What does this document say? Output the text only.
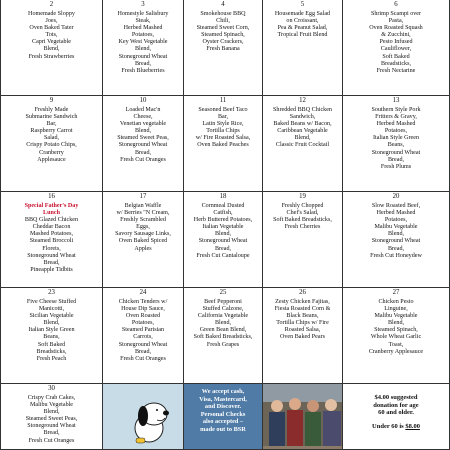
2
Homemade Sloppy
Joes,
Oven Baked Tater
Tots,
Capri Vegetable
Blend,
Fresh Strawberries
3
Homestyle Salisbury
Steak,
Herbed Mashed
Potatoes,
Key West Vegetable
Blend,
Stoneground Wheat
Bread,
Fresh Blueberries
4
Smokehouse BBQ
Chili,
Steamed Sweet Corn,
Steamed Spinach,
Oyster Crackers,
Fresh Banana
5
Housemade Egg Salad
on Croissant,
Pea & Peanut Salad,
Tropical Fruit Blend
6
Shrimp Scampi over
Pasta,
Oven Roasted Squash
& Zucchini,
Pesto Infused
Cauliflower,
Soft Baked
Breadsticks,
Fresh Nectarine
9
Freshly Made
Submarine Sandwich
Bar,
Raspberry Carrot
Salad,
Crispy Potato Chips,
Cranberry
Applesauce
10
Loaded Mac'n
Cheese,
Venetian vegetable
Blend,
Steamed Sweet Peas,
Stoneground Wheat
Bread,
Fresh Cut Oranges
11
Seasoned Beef Taco
Bar,
Latin Style Rice,
Tortilla Chips
w/ Fire Roasted Salsa,
Oven Baked Peaches
12
Shredded BBQ Chicken
Sandwich,
Baked Beans w/ Bacon,
Caribbean Vegetable
Blend,
Classic Fruit Cocktail
13
Southern Style Pork
Fritters & Gravy,
Herbed Mashed
Potatoes,
Italian Style Green
Beans,
Stoneground Wheat
Bread,
Fresh Plums
16
Special Father's Day
Lunch
BBQ Glazed Chicken
Cheddar Bacon
Mashed Potatoes,
Steamed Broccoli
Florets,
Stoneground Wheat
Bread,
Pineapple Tidbits
17
Belgian Waffle
w/ Berries "N Cream,
Freshly Scrambled
Eggs,
Savory Sausage Links,
Oven Baked Spiced
Apples
18
Cornmeal Dusted
Catfish,
Herb Buttered Potatoes,
Italian Vegetable
Blend,
Stoneground Wheat
Bread,
Fresh Cut Cantaloupe
19
Freshly Chopped
Chef's Salad,
Soft Baked Breadsticks,
Fresh Cherries
20
Slow Roasted Beef,
Herbed Mashed
Potatoes,
Malibu Vegetable
Blend,
Stoneground Wheat
Bread,
Fresh Cut Honeydew
23
Five Cheese Stuffed
Manicotti,
Sicilian Vegetable
Blend,
Italian Style Green
Beans,
Soft Baked
Breadsticks,
Fresh Peach
24
Chicken Tenders w/
House Dip Sauce,
Oven Roasted
Potatoes,
Steamed Parisian
Carrots,
Stoneground Wheat
Bread,
Fresh Cut Oranges
25
Beef Pepperoni
Stuffed Calzone,
California Vegetable
Blend,
Green Bean Blend,
Soft Baked Breadsticks,
Fresh Grapes
26
Zesty Chicken Fajitas,
Fiesta Roasted Corn &
Black Beans,
Tortilla Chips w/ Fire
Roasted Salsa,
Oven Baked Pears
27
Chicken Pesto
Linguine,
Malibu Vegetable
Blend,
Steamed Spinach,
Whole Wheat Garlic
Toast,
Cranberry Applesauce
30
Crispy Crab Cakes,
Malibu Vegetable
Blend,
Steamed Sweet Peas,
Stoneground Wheat
Bread,
Fresh Cut Oranges
We accept cash,
Visa, Mastercard,
and Discover.
Personal Checks
also accepted –
made out to BSR
$4.00 suggested
donation for age
60 and older.
Under 60 is $8.00
